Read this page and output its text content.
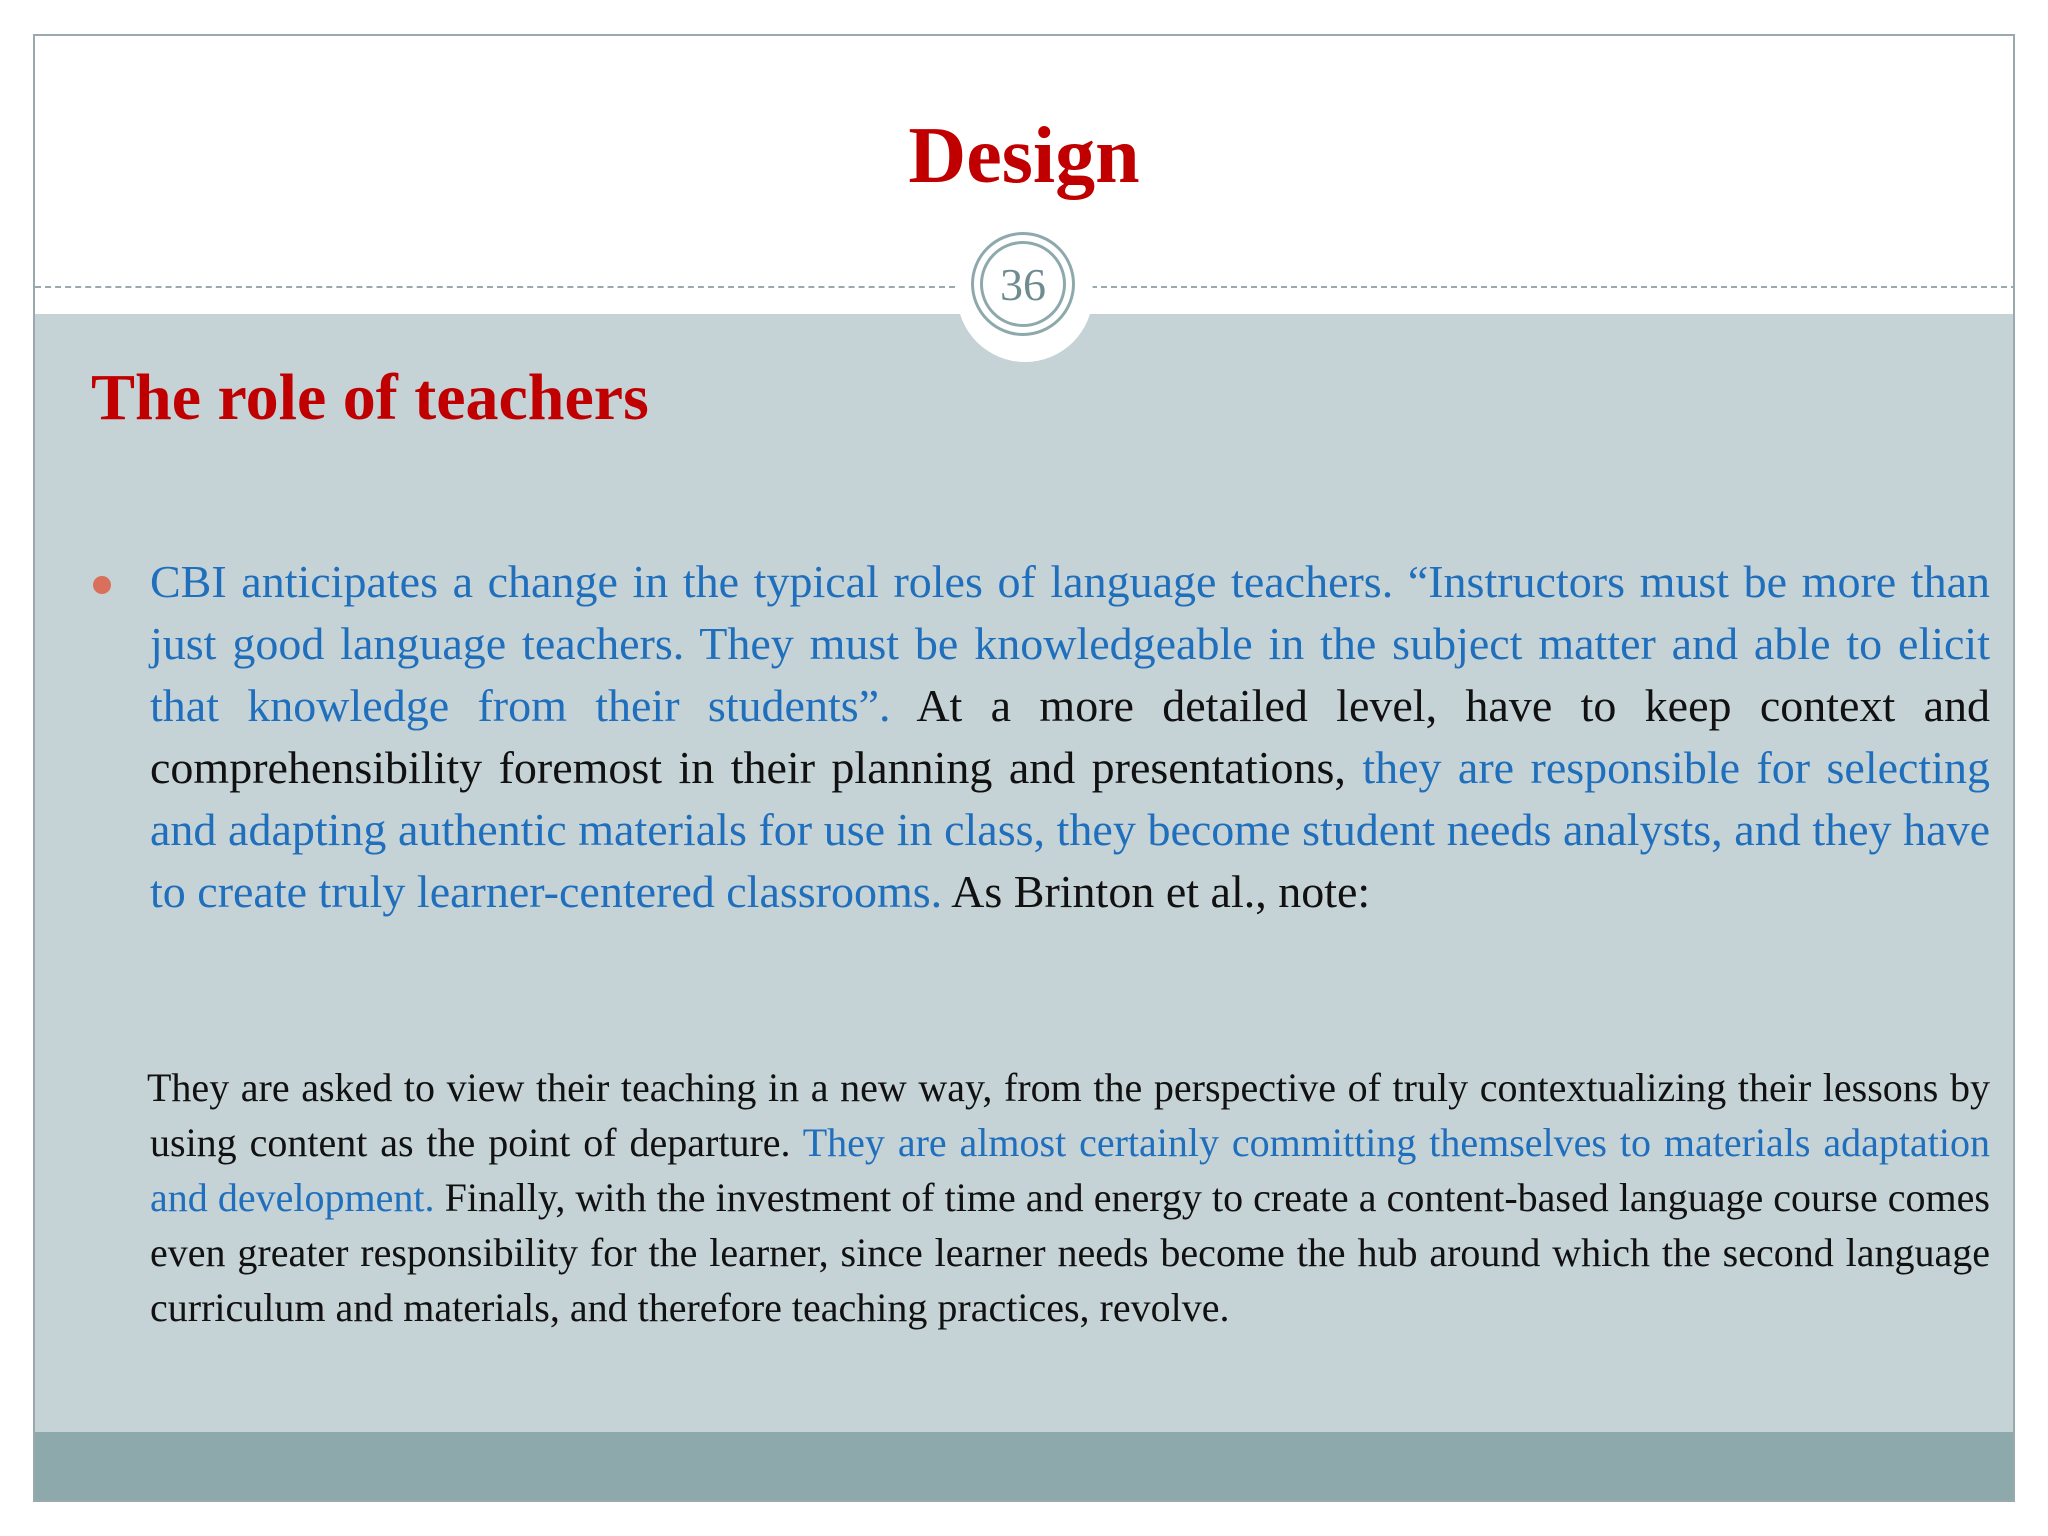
Design
36
The role of teachers

CBI anticipates a change in the typical roles of language teachers. “Instructors must be more than just good language teachers. They must be knowledgeable in the subject matter and able to elicit that knowledge from their students”. At a more detailed level, have to keep context and comprehensibility foremost in their planning and presentations, they are responsible for selecting and adapting authentic materials for use in class, they become student needs analysts, and they have to create truly learner-centered classrooms. As Brinton et al., note:

They are asked to view their teaching in a new way, from the perspective of truly contextualizing their lessons by using content as the point of departure. They are almost certainly committing themselves to materials adaptation and development. Finally, with the investment of time and energy to create a content-based language course comes even greater responsibility for the learner, since learner needs become the hub around which the second language curriculum and materials, and therefore teaching practices, revolve.
